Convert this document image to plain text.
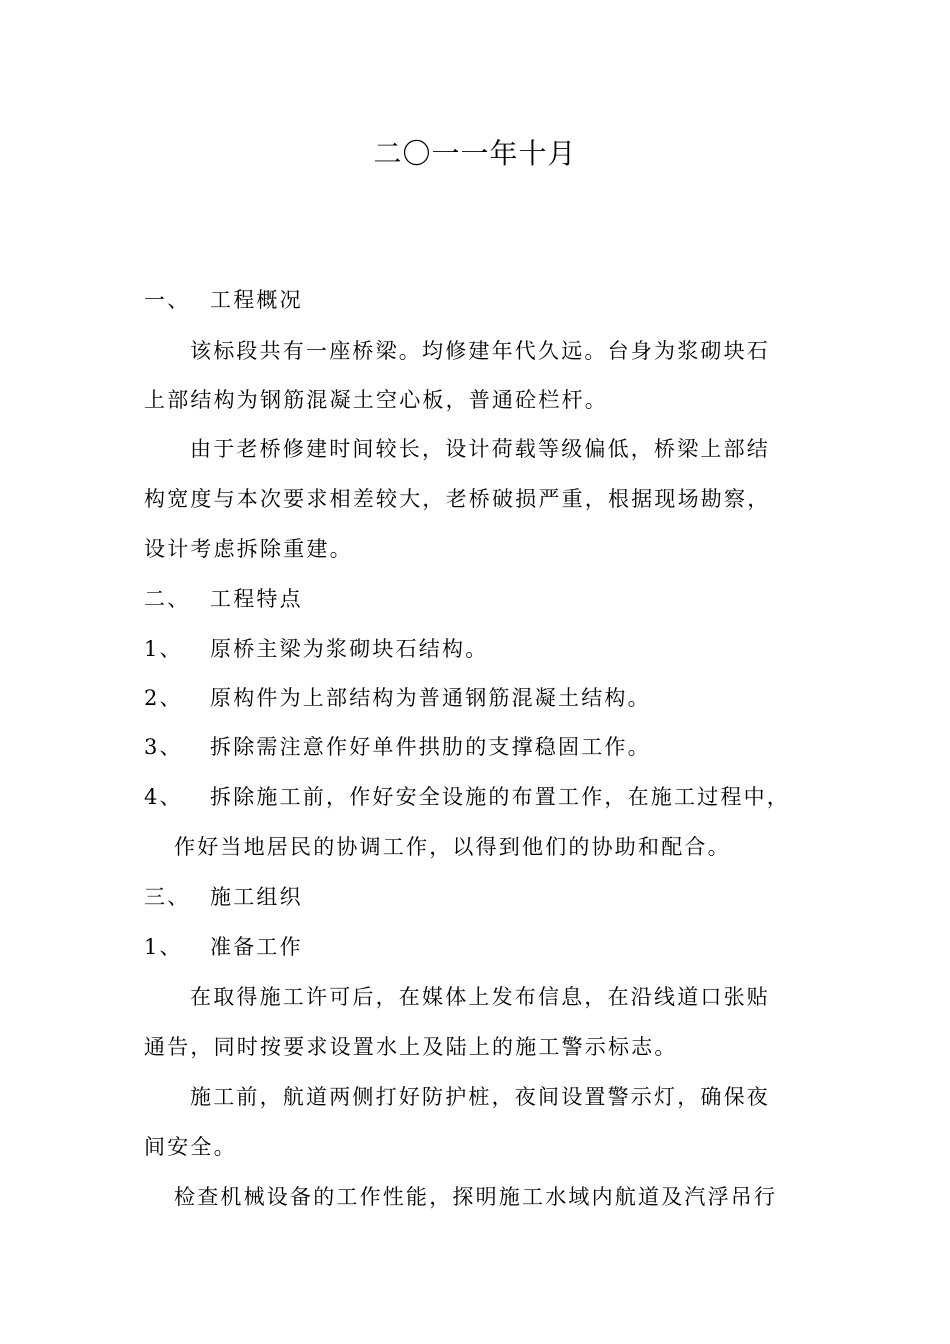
二〇一一年十月
一、 工程概况
该标段共有一座桥梁。均修建年代久远。台身为浆砌块石
上部结构为钢筋混凝土空心板，普通砼栏杆。
由于老桥修建时间较长，设计荷载等级偏低，桥梁上部结
构宽度与本次要求相差较大，老桥破损严重，根据现场勘察，
设计考虑拆除重建。
二、 工程特点
1、 原桥主梁为浆砌块石结构。
2、 原构件为上部结构为普通钢筋混凝土结构。
3、 拆除需注意作好单件拱肋的支撑稳固工作。
4、 拆除施工前，作好安全设施的布置工作，在施工过程中，
作好当地居民的协调工作，以得到他们的协助和配合。
三、 施工组织
1、 准备工作
在取得施工许可后，在媒体上发布信息，在沿线道口张贴
通告，同时按要求设置水上及陆上的施工警示标志。
施工前，航道两侧打好防护桩，夜间设置警示灯，确保夜
间安全。
检查机械设备的工作性能，探明施工水域内航道及汽浮吊行
